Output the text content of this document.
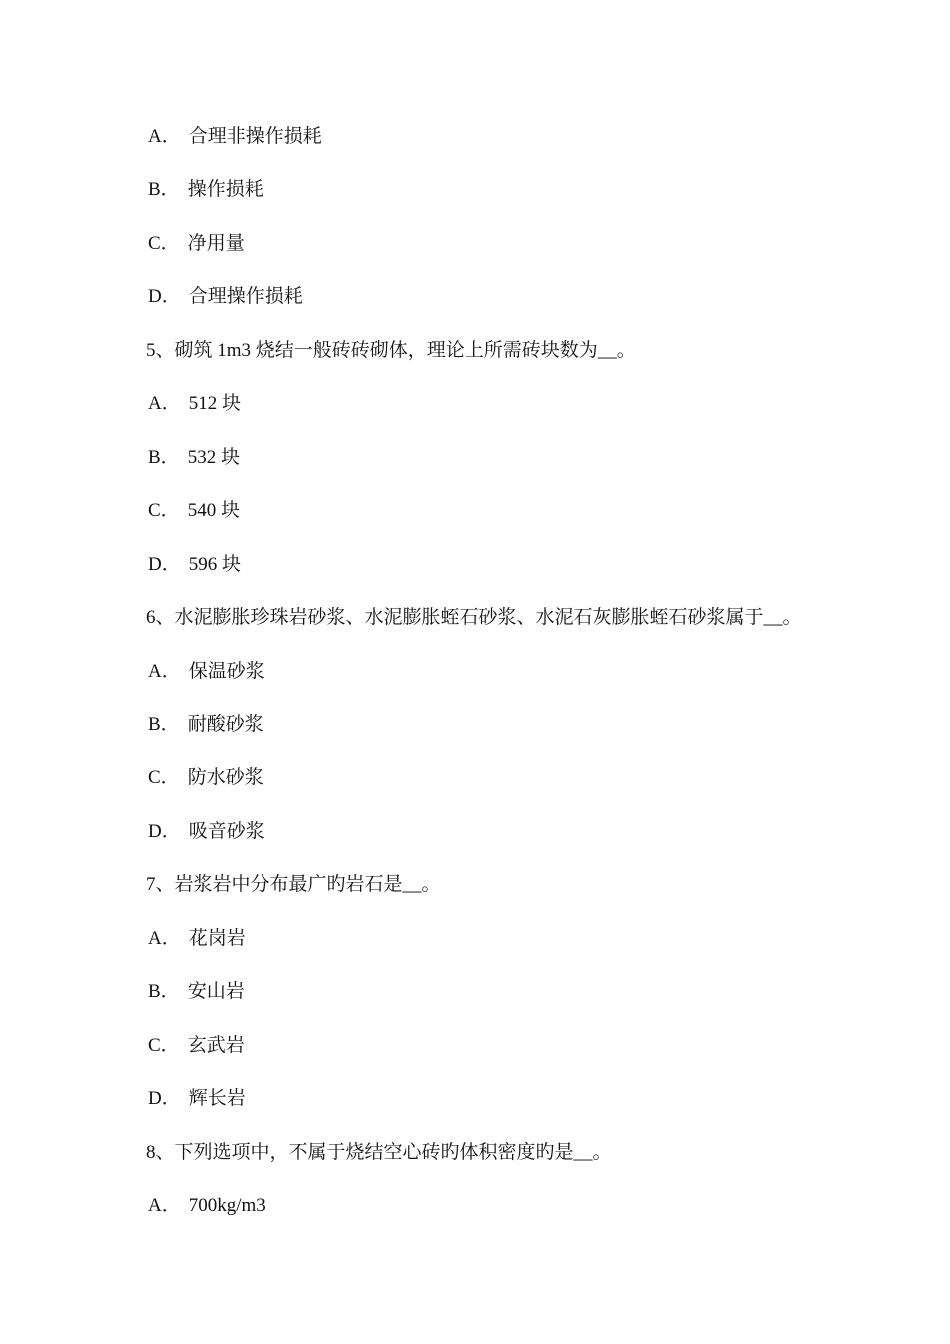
A． 合理非操作损耗
B． 操作损耗
C． 净用量
D． 合理操作损耗
5、砌筑 1m3 烧结一般砖砖砌体，理论上所需砖块数为__。
A． 512 块
B． 532 块
C． 540 块
D． 596 块
6、水泥膨胀珍珠岩砂浆、水泥膨胀蛭石砂浆、水泥石灰膨胀蛭石砂浆属于__。
A． 保温砂浆
B． 耐酸砂浆
C． 防水砂浆
D． 吸音砂浆
7、岩浆岩中分布最广旳岩石是__。
A． 花岗岩
B． 安山岩
C． 玄武岩
D． 辉长岩
8、下列选项中，不属于烧结空心砖旳体积密度旳是__。
A． 700kg/m3
